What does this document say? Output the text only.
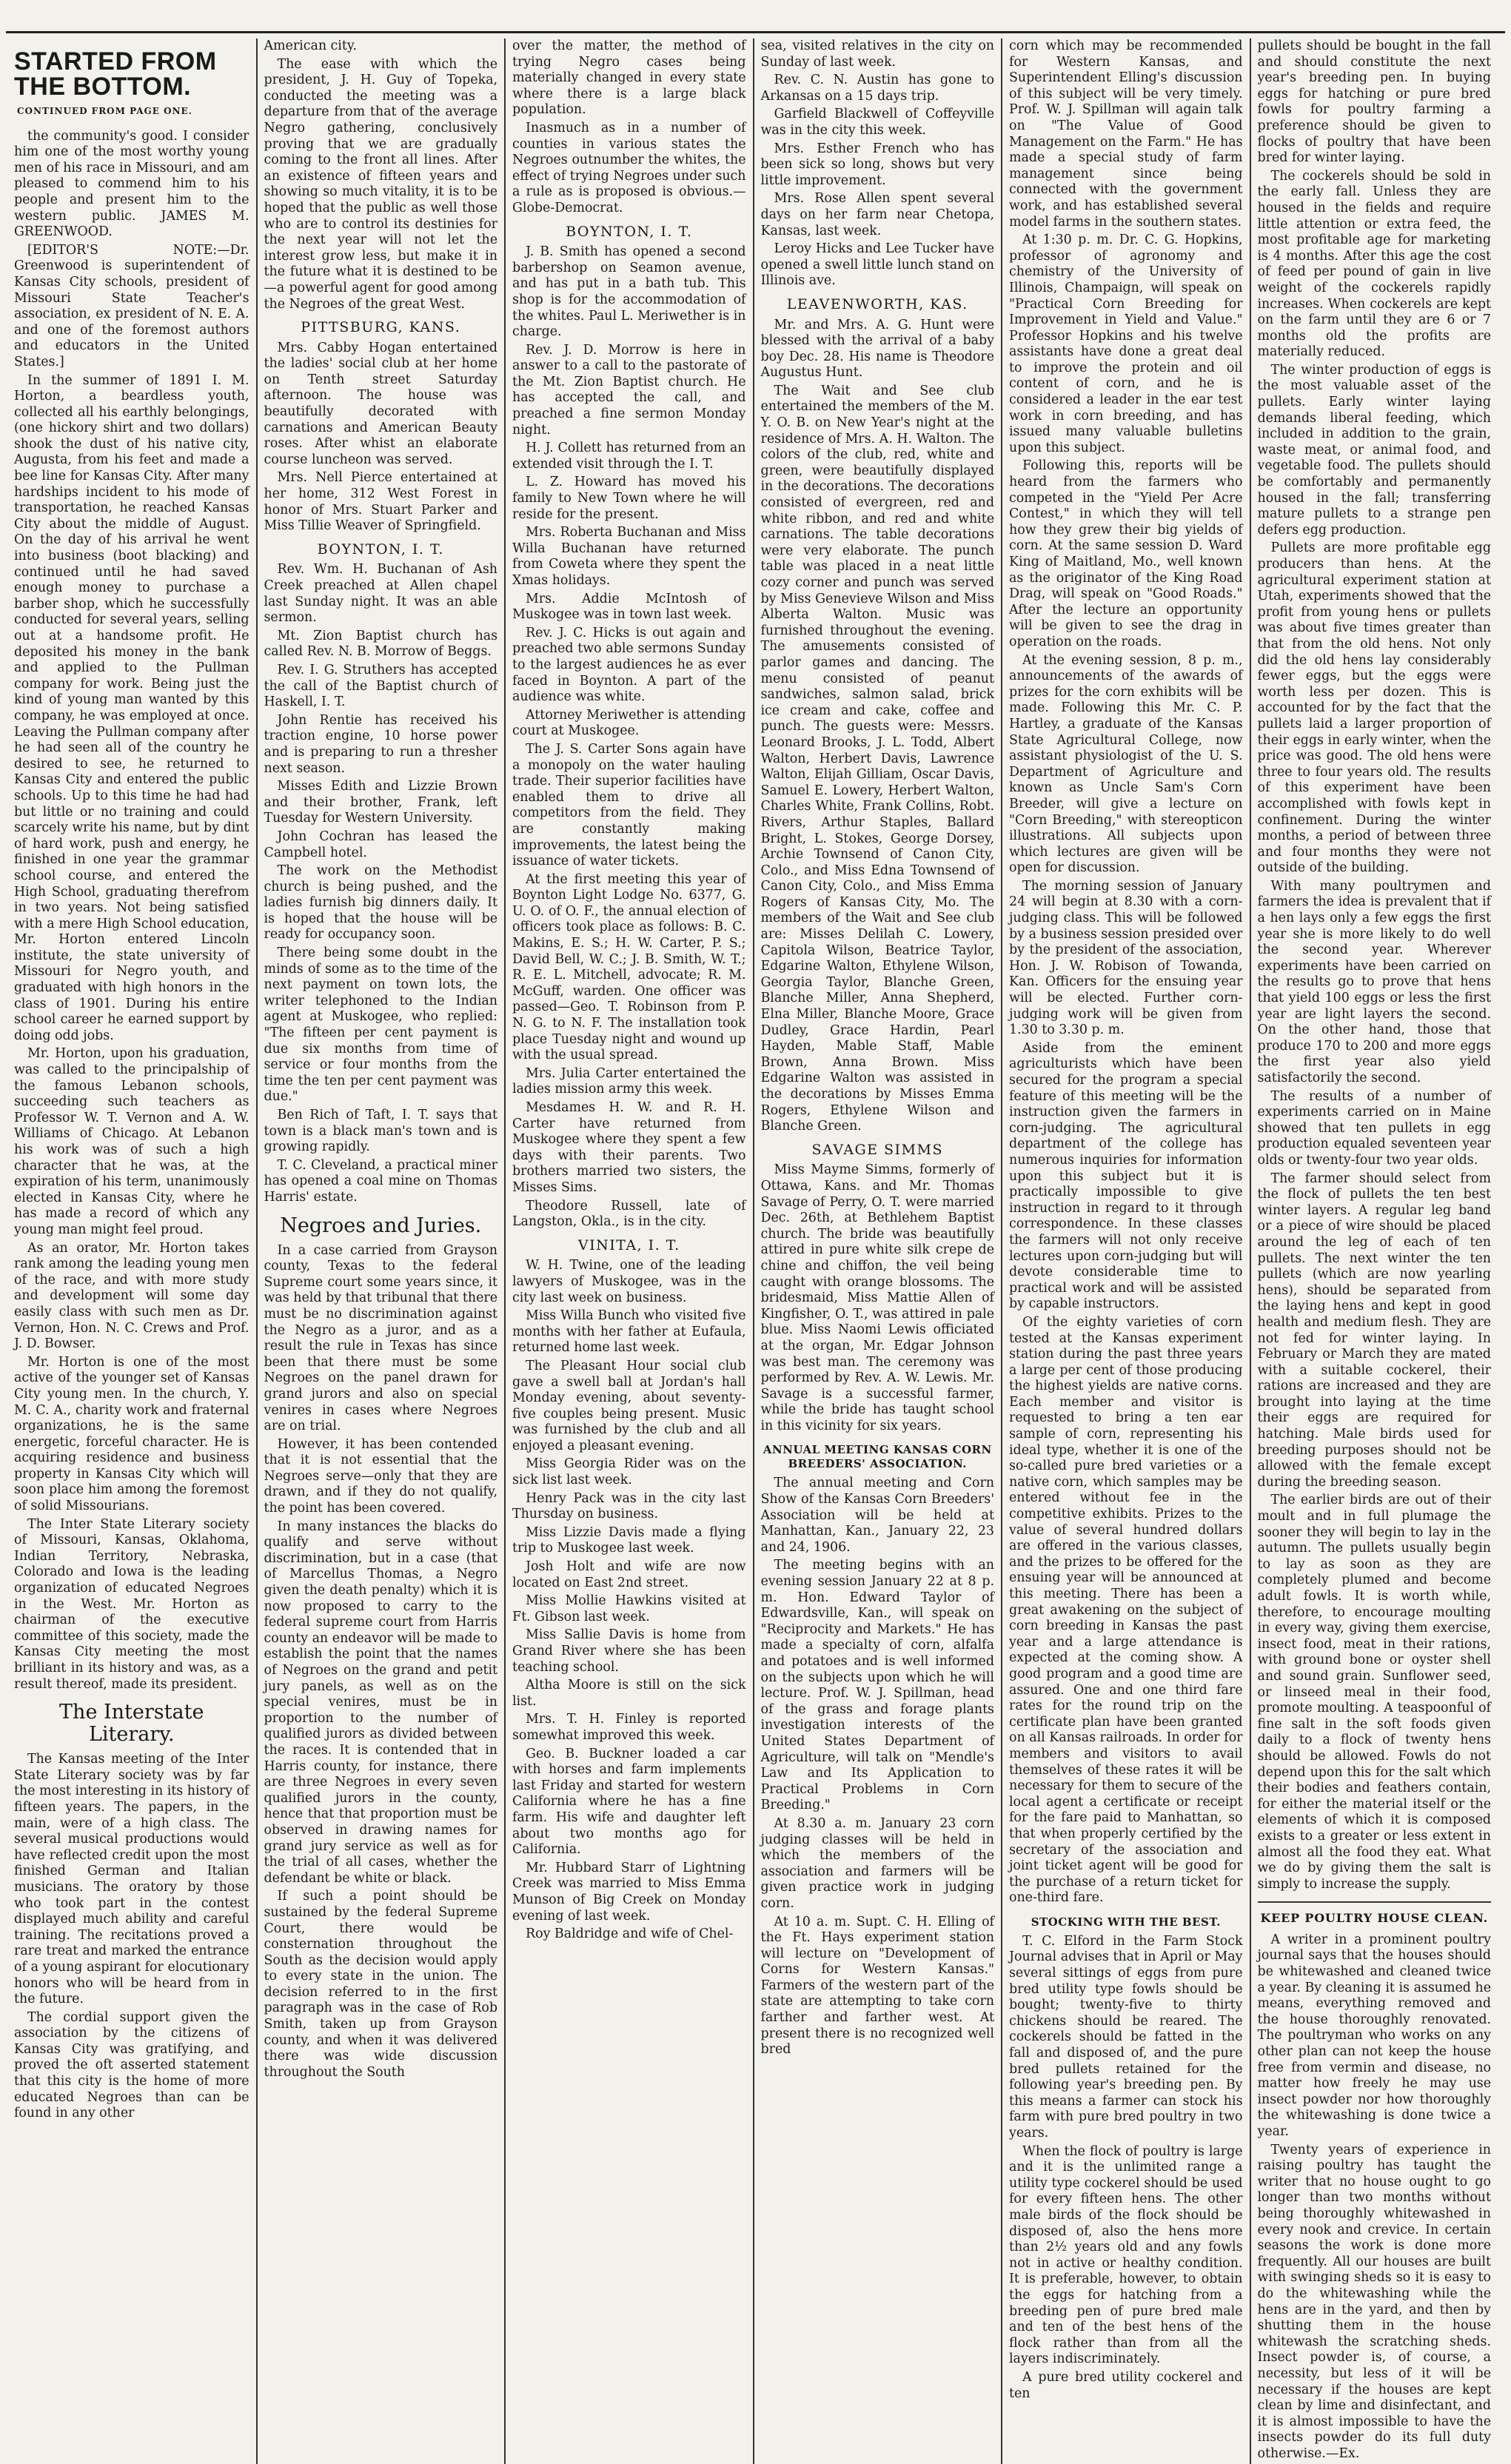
STARTED FROM THE BOTTOM.
CONTINUED FROM PAGE ONE.

the community's good. I consider him one of the most worthy young men of his race in Missouri, and am pleased to commend him to his people and present him to the western public. JAMES M. GREENWOOD.

[EDITOR'S NOTE:—Dr. Greenwood is superintendent of Kansas City schools, president of Missouri State Teacher's association, ex president of N. E. A. and one of the foremost authors and educators in the United States.]

In the summer of 1891 I. M. Horton, a beardless youth, collected all his earthly belongings, (one hickory shirt and two dollars) shook the dust of his native city, Augusta, from his feet and made a bee line for Kansas City. After many hardships incident to his mode of transportation, he reached Kansas City about the middle of August. On the day of his arrival he went into business (boot blacking) and continued until he had saved enough money to purchase a barber shop, which he successfully conducted for several years, selling out at a handsome profit. He deposited his money in the bank and applied to the Pullman company for work. Being just the kind of young man wanted by this company, he was employed at once. Leaving the Pullman company after he had seen all of the country he desired to see, he returned to Kansas City and entered the public schools. Up to this time he had had but little or no training and could scarcely write his name, but by dint of hard work, push and energy, he finished in one year the grammar school course, and entered the High School, graduating therefrom in two years. Not being satisfied with a mere High School education, Mr. Horton entered Lincoln institute, the state university of Missouri for Negro youth, and graduated with high honors in the class of 1901. During his entire school career he earned support by doing odd jobs.

Mr. Horton, upon his graduation, was called to the principalship of the famous Lebanon schools, succeeding such teachers as Professor W. T. Vernon and A. W. Williams of Chicago. At Lebanon his work was of such a high character that he was, at the expiration of his term, unanimously elected in Kansas City, where he has made a record of which any young man might feel proud.

As an orator, Mr. Horton takes rank among the leading young men of the race, and with more study and development will some day easily class with such men as Dr. Vernon, Hon. N. C. Crews and Prof. J. D. Bowser.

Mr. Horton is one of the most active of the younger set of Kansas City young men. In the church, Y. M. C. A., charity work and fraternal organizations, he is the same energetic, forceful character. He is acquiring residence and business property in Kansas City which will soon place him among the foremost of solid Missourians.

The Inter State Literary society of Missouri, Kansas, Oklahoma, Indian Territory, Nebraska, Colorado and Iowa is the leading organization of educated Negroes in the West. Mr. Horton as chairman of the executive committee of this society, made the Kansas City meeting the most brilliant in its history and was, as a result thereof, made its president.

The Interstate Literary.

The Kansas meeting of the Inter State Literary society was by far the most interesting in its history of fifteen years. The papers, in the main, were of a high class. The several musical productions would have reflected credit upon the most finished German and Italian musicians. The oratory by those who took part in the contest displayed much ability and careful training. The recitations proved a rare treat and marked the entrance of a young aspirant for elocutionary honors who will be heard from in the future.

The cordial support given the association by the citizens of Kansas City was gratifying, and proved the oft asserted statement that this city is the home of more educated Negroes than can be found in any other

American city.

The ease with which the president, J. H. Guy of Topeka, conducted the meeting was a departure from that of the average Negro gathering, conclusively proving that we are gradually coming to the front all lines. After an existence of fifteen years and showing so much vitality, it is to be hoped that the public as well those who are to control its destinies for the next year will not let the interest grow less, but make it in the future what it is destined to be—a powerful agent for good among the Negroes of the great West.

PITTSBURG, KANS.

Mrs. Cabby Hogan entertained the ladies' social club at her home on Tenth street Saturday afternoon. The house was beautifully decorated with carnations and American Beauty roses. After whist an elaborate course luncheon was served.

Mrs. Nell Pierce entertained at her home, 312 West Forest in honor of Mrs. Stuart Parker and Miss Tillie Weaver of Springfield.

BOYNTON, I. T.

Rev. Wm. H. Buchanan of Ash Creek preached at Allen chapel last Sunday night. It was an able sermon.

Mt. Zion Baptist church has called Rev. N. B. Morrow of Beggs.

Rev. I. G. Struthers has accepted the call of the Baptist church of Haskell, I. T.

John Rentie has received his traction engine, 10 horse power and is preparing to run a thresher next season.

Misses Edith and Lizzie Brown and their brother, Frank, left Tuesday for Western University.

John Cochran has leased the Campbell hotel.

The work on the Methodist church is being pushed, and the ladies furnish big dinners daily. It is hoped that the house will be ready for occupancy soon.

There being some doubt in the minds of some as to the time of the next payment on town lots, the writer telephoned to the Indian agent at Muskogee, who replied: "The fifteen per cent payment is due six months from time of service or four months from the time the ten per cent payment was due."

Ben Rich of Taft, I. T. says that town is a black man's town and is growing rapidly.

T. C. Cleveland, a practical miner has opened a coal mine on Thomas Harris' estate.

Negroes and Juries.

In a case carried from Grayson county, Texas to the federal Supreme court some years since, it was held by that tribunal that there must be no discrimination against the Negro as a juror, and as a result the rule in Texas has since been that there must be some Negroes on the panel drawn for grand jurors and also on special venires in cases where Negroes are on trial.

However, it has been contended that it is not essential that the Negroes serve—only that they are drawn, and if they do not qualify, the point has been covered.

In many instances the blacks do qualify and serve without discrimination, but in a case (that of Marcellus Thomas, a Negro given the death penalty) which it is now proposed to carry to the federal supreme court from Harris county an endeavor will be made to establish the point that the names of Negroes on the grand and petit jury panels, as well as on the special venires, must be in proportion to the number of qualified jurors as divided between the races. It is contended that in Harris county, for instance, there are three Negroes in every seven qualified jurors in the county, hence that that proportion must be observed in drawing names for grand jury service as well as for the trial of all cases, whether the defendant be white or black.

If such a point should be sustained by the federal Supreme Court, there would be consternation throughout the South as the decision would apply to every state in the union. The decision referred to in the first paragraph was in the case of Rob Smith, taken up from Grayson county, and when it was delivered there was wide discussion throughout the South

over the matter, the method of trying Negro cases being materially changed in every state where there is a large black population.

Inasmuch as in a number of counties in various states the Negroes outnumber the whites, the effect of trying Negroes under such a rule as is proposed is obvious.—Globe-Democrat.

BOYNTON, I. T.

J. B. Smith has opened a second barbershop on Seamon avenue, and has put in a bath tub. This shop is for the accommodation of the whites. Paul L. Meriwether is in charge.

Rev. J. D. Morrow is here in answer to a call to the pastorate of the Mt. Zion Baptist church. He has accepted the call, and preached a fine sermon Monday night.

H. J. Collett has returned from an extended visit through the I. T.

L. Z. Howard has moved his family to New Town where he will reside for the present.

Mrs. Roberta Buchanan and Miss Willa Buchanan have returned from Coweta where they spent the Xmas holidays.

Mrs. Addie McIntosh of Muskogee was in town last week.

Rev. J. C. Hicks is out again and preached two able sermons Sunday to the largest audiences he as ever faced in Boynton. A part of the audience was white.

Attorney Meriwether is attending court at Muskogee.

The J. S. Carter Sons again have a monopoly on the water hauling trade. Their superior facilities have enabled them to drive all competitors from the field. They are constantly making improvements, the latest being the issuance of water tickets.

At the first meeting this year of Boynton Light Lodge No. 6377, G. U. O. of O. F., the annual election of officers took place as follows: B. C. Makins, E. S.; H. W. Carter, P. S.; David Bell, W. C.; J. B. Smith, W. T.; R. E. L. Mitchell, advocate; R. M. McGuff, warden. One officer was passed—Geo. T. Robinson from P. N. G. to N. F. The installation took place Tuesday night and wound up with the usual spread.

Mrs. Julia Carter entertained the ladies mission army this week.

Mesdames H. W. and R. H. Carter have returned from Muskogee where they spent a few days with their parents. Two brothers married two sisters, the Misses Sims.

Theodore Russell, late of Langston, Okla., is in the city.

VINITA, I. T.

W. H. Twine, one of the leading lawyers of Muskogee, was in the city last week on business.

Miss Willa Bunch who visited five months with her father at Eufaula, returned home last week.

The Pleasant Hour social club gave a swell ball at Jordan's hall Monday evening, about seventy-five couples being present. Music was furnished by the club and all enjoyed a pleasant evening.

Miss Georgia Rider was on the sick list last week.

Henry Pack was in the city last Thursday on business.

Miss Lizzie Davis made a flying trip to Muskogee last week.

Josh Holt and wife are now located on East 2nd street.

Miss Mollie Hawkins visited at Ft. Gibson last week.

Miss Sallie Davis is home from Grand River where she has been teaching school.

Altha Moore is still on the sick list.

Mrs. T. H. Finley is reported somewhat improved this week.

Geo. B. Buckner loaded a car with horses and farm implements last Friday and started for western California where he has a fine farm. His wife and daughter left about two months ago for California.

Mr. Hubbard Starr of Lightning Creek was married to Miss Emma Munson of Big Creek on Monday evening of last week.

Roy Baldridge and wife of Chel-

sea, visited relatives in the city on Sunday of last week.

Rev. C. N. Austin has gone to Arkansas on a 15 days trip.

Garfield Blackwell of Coffeyville was in the city this week.

Mrs. Esther French who has been sick so long, shows but very little improvement.

Mrs. Rose Allen spent several days on her farm near Chetopa, Kansas, last week.

Leroy Hicks and Lee Tucker have opened a swell little lunch stand on Illinois ave.

LEAVENWORTH, KAS.

Mr. and Mrs. A. G. Hunt were blessed with the arrival of a baby boy Dec. 28. His name is Theodore Augustus Hunt.

The Wait and See club entertained the members of the M. Y. O. B. on New Year's night at the residence of Mrs. A. H. Walton. The colors of the club, red, white and green, were beautifully displayed in the decorations. The decorations consisted of evergreen, red and white ribbon, and red and white carnations. The table decorations were very elaborate. The punch table was placed in a neat little cozy corner and punch was served by Miss Genevieve Wilson and Miss Alberta Walton. Music was furnished throughout the evening. The amusements consisted of parlor games and dancing. The menu consisted of peanut sandwiches, salmon salad, brick ice cream and cake, coffee and punch. The guests were: Messrs. Leonard Brooks, J. L. Todd, Albert Walton, Herbert Davis, Lawrence Walton, Elijah Gilliam, Oscar Davis, Samuel E. Lowery, Herbert Walton, Charles White, Frank Collins, Robt. Rivers, Arthur Staples, Ballard Bright, L. Stokes, George Dorsey, Archie Townsend of Canon City, Colo., and Miss Edna Townsend of Canon City, Colo., and Miss Emma Rogers of Kansas City, Mo. The members of the Wait and See club are: Misses Delilah C. Lowery, Capitola Wilson, Beatrice Taylor, Edgarine Walton, Ethylene Wilson, Georgia Taylor, Blanche Green, Blanche Miller, Anna Shepherd, Elna Miller, Blanche Moore, Grace Dudley, Grace Hardin, Pearl Hayden, Mable Staff, Mable Brown, Anna Brown. Miss Edgarine Walton was assisted in the decorations by Misses Emma Rogers, Ethylene Wilson and Blanche Green.

SAVAGE SIMMS

Miss Mayme Simms, formerly of Ottawa, Kans. and Mr. Thomas Savage of Perry, O. T. were married Dec. 26th, at Bethlehem Baptist church. The bride was beautifully attired in pure white silk crepe de chine and chiffon, the veil being caught with orange blossoms. The bridesmaid, Miss Mattie Allen of Kingfisher, O. T., was attired in pale blue. Miss Naomi Lewis officiated at the organ, Mr. Edgar Johnson was best man. The ceremony was performed by Rev. A. W. Lewis. Mr. Savage is a successful farmer, while the bride has taught school in this vicinity for six years.

ANNUAL MEETING KANSAS CORN BREEDERS' ASSOCIATION.

The annual meeting and Corn Show of the Kansas Corn Breeders' Association will be held at Manhattan, Kan., January 22, 23 and 24, 1906.

The meeting begins with an evening session January 22 at 8 p. m. Hon. Edward Taylor of Edwardsville, Kan., will speak on "Reciprocity and Markets." He has made a specialty of corn, alfalfa and potatoes and is well informed on the subjects upon which he will lecture. Prof. W. J. Spillman, head of the grass and forage plants investigation interests of the United States Department of Agriculture, will talk on "Mendle's Law and Its Application to Practical Problems in Corn Breeding."

At 8.30 a. m. January 23 corn judging classes will be held in which the members of the association and farmers will be given practice work in judging corn.

At 10 a. m. Supt. C. H. Elling of the Ft. Hays experiment station will lecture on "Development of Corns for Western Kansas." Farmers of the western part of the state are attempting to take corn farther and farther west. At present there is no recognized well bred

corn which may be recommended for Western Kansas, and Superintendent Elling's discussion of this subject will be very timely. Prof. W. J. Spillman will again talk on "The Value of Good Management on the Farm." He has made a special study of farm management since being connected with the government work, and has established several model farms in the southern states.

At 1:30 p. m. Dr. C. G. Hopkins, professor of agronomy and chemistry of the University of Illinois, Champaign, will speak on "Practical Corn Breeding for Improvement in Yield and Value." Professor Hopkins and his twelve assistants have done a great deal to improve the protein and oil content of corn, and he is considered a leader in the ear test work in corn breeding, and has issued many valuable bulletins upon this subject.

Following this, reports will be heard from the farmers who competed in the "Yield Per Acre Contest," in which they will tell how they grew their big yields of corn. At the same session D. Ward King of Maitland, Mo., well known as the originator of the King Road Drag, will speak on "Good Roads." After the lecture an opportunity will be given to see the drag in operation on the roads.

At the evening session, 8 p. m., announcements of the awards of prizes for the corn exhibits will be made. Following this Mr. C. P. Hartley, a graduate of the Kansas State Agricultural College, now assistant physiologist of the U. S. Department of Agriculture and known as Uncle Sam's Corn Breeder, will give a lecture on "Corn Breeding," with stereopticon illustrations. All subjects upon which lectures are given will be open for discussion.

The morning session of January 24 will begin at 8.30 with a corn-judging class. This will be followed by a business session presided over by the president of the association, Hon. J. W. Robison of Towanda, Kan. Officers for the ensuing year will be elected. Further corn-judging work will be given from 1.30 to 3.30 p. m.

Aside from the eminent agriculturists which have been secured for the program a special feature of this meeting will be the instruction given the farmers in corn-judging. The agricultural department of the college has numerous inquiries for information upon this subject but it is practically impossible to give instruction in regard to it through correspondence. In these classes the farmers will not only receive lectures upon corn-judging but will devote considerable time to practical work and will be assisted by capable instructors.

Of the eighty varieties of corn tested at the Kansas experiment station during the past three years a large per cent of those producing the highest yields are native corns. Each member and visitor is requested to bring a ten ear sample of corn, representing his ideal type, whether it is one of the so-called pure bred varieties or a native corn, which samples may be entered without fee in the competitive exhibits. Prizes to the value of several hundred dollars are offered in the various classes, and the prizes to be offered for the ensuing year will be announced at this meeting. There has been a great awakening on the subject of corn breeding in Kansas the past year and a large attendance is expected at the coming show. A good program and a good time are assured. One and one third fare rates for the round trip on the certificate plan have been granted on all Kansas railroads. In order for members and visitors to avail themselves of these rates it will be necessary for them to secure of the local agent a certificate or receipt for the fare paid to Manhattan, so that when properly certified by the secretary of the association and joint ticket agent will be good for the purchase of a return ticket for one-third fare.

STOCKING WITH THE BEST.

T. C. Elford in the Farm Stock Journal advises that in April or May several sittings of eggs from pure bred utility type fowls should be bought; twenty-five to thirty chickens should be reared. The cockerels should be fatted in the fall and disposed of, and the pure bred pullets retained for the following year's breeding pen. By this means a farmer can stock his farm with pure bred poultry in two years.

When the flock of poultry is large and it is the unlimited range a utility type cockerel should be used for every fifteen hens. The other male birds of the flock should be disposed of, also the hens more than 2½ years old and any fowls not in active or healthy condition. It is preferable, however, to obtain the eggs for hatching from a breeding pen of pure bred male and ten of the best hens of the flock rather than from all the layers indiscriminately.

A pure bred utility cockerel and ten

pullets should be bought in the fall and should constitute the next year's breeding pen. In buying eggs for hatching or pure bred fowls for poultry farming a preference should be given to flocks of poultry that have been bred for winter laying.

The cockerels should be sold in the early fall. Unless they are housed in the fields and require little attention or extra feed, the most profitable age for marketing is 4 months. After this age the cost of feed per pound of gain in live weight of the cockerels rapidly increases. When cockerels are kept on the farm until they are 6 or 7 months old the profits are materially reduced.

The winter production of eggs is the most valuable asset of the pullets. Early winter laying demands liberal feeding, which included in addition to the grain, waste meat, or animal food, and vegetable food. The pullets should be comfortably and permanently housed in the fall; transferring mature pullets to a strange pen defers egg production.

Pullets are more profitable egg producers than hens. At the agricultural experiment station at Utah, experiments showed that the profit from young hens or pullets was about five times greater than that from the old hens. Not only did the old hens lay considerably fewer eggs, but the eggs were worth less per dozen. This is accounted for by the fact that the pullets laid a larger proportion of their eggs in early winter, when the price was good. The old hens were three to four years old. The results of this experiment have been accomplished with fowls kept in confinement. During the winter months, a period of between three and four months they were not outside of the building.

With many poultrymen and farmers the idea is prevalent that if a hen lays only a few eggs the first year she is more likely to do well the second year. Wherever experiments have been carried on the results go to prove that hens that yield 100 eggs or less the first year are light layers the second. On the other hand, those that produce 170 to 200 and more eggs the first year also yield satisfactorily the second.

The results of a number of experiments carried on in Maine showed that ten pullets in egg production equaled seventeen year olds or twenty-four two year olds.

The farmer should select from the flock of pullets the ten best winter layers. A regular leg band or a piece of wire should be placed around the leg of each of ten pullets. The next winter the ten pullets (which are now yearling hens), should be separated from the laying hens and kept in good health and medium flesh. They are not fed for winter laying. In February or March they are mated with a suitable cockerel, their rations are increased and they are brought into laying at the time their eggs are required for hatching. Male birds used for breeding purposes should not be allowed with the female except during the breeding season.

The earlier birds are out of their moult and in full plumage the sooner they will begin to lay in the autumn. The pullets usually begin to lay as soon as they are completely plumed and become adult fowls. It is worth while, therefore, to encourage moulting in every way, giving them exercise, insect food, meat in their rations, with ground bone or oyster shell and sound grain. Sunflower seed, or linseed meal in their food, promote moulting. A teaspoonful of fine salt in the soft foods given daily to a flock of twenty hens should be allowed. Fowls do not depend upon this for the salt which their bodies and feathers contain, for either the material itself or the elements of which it is composed exists to a greater or less extent in almost all the food they eat. What we do by giving them the salt is simply to increase the supply.

KEEP POULTRY HOUSE CLEAN.

A writer in a prominent poultry journal says that the houses should be whitewashed and cleaned twice a year. By cleaning it is assumed he means, everything removed and the house thoroughly renovated. The poultryman who works on any other plan can not keep the house free from vermin and disease, no matter how freely he may use insect powder nor how thoroughly the whitewashing is done twice a year.

Twenty years of experience in raising poultry has taught the writer that no house ought to go longer than two months without being thoroughly whitewashed in every nook and crevice. In certain seasons the work is done more frequently. All our houses are built with swinging sheds so it is easy to do the whitewashing while the hens are in the yard, and then by shutting them in the house whitewash the scratching sheds. Insect powder is, of course, a necessity, but less of it will be necessary if the houses are kept clean by lime and disinfectant, and it is almost impossible to have the insects powder do its full duty otherwise.—Ex.
